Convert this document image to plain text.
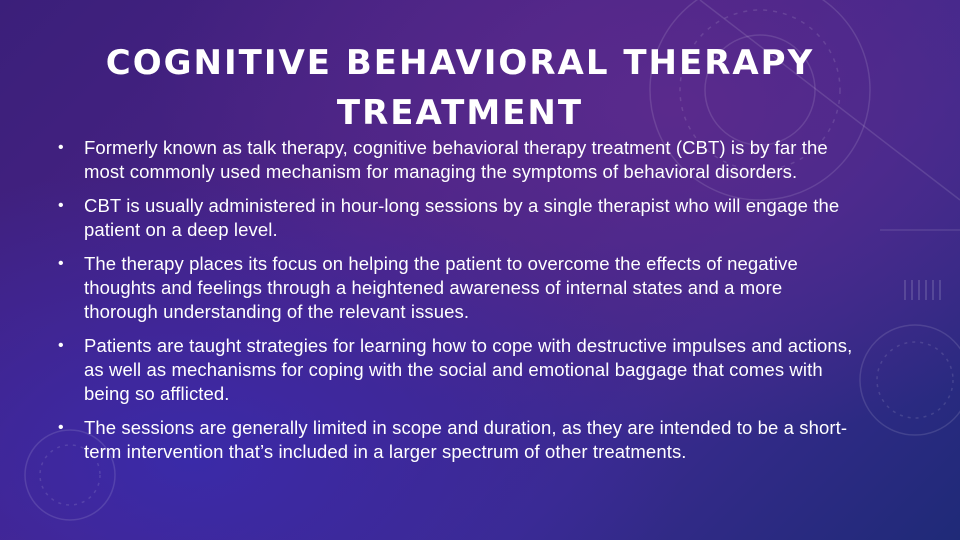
COGNITIVE BEHAVIORAL THERAPY
TREATMENT
• Formerly known as talk therapy, cognitive behavioral therapy treatment (CBT) is by far the most commonly used mechanism for managing the symptoms of behavioral disorders.
• CBT is usually administered in hour-long sessions by a single therapist who will engage the patient on a deep level.
• The therapy places its focus on helping the patient to overcome the effects of negative thoughts and feelings through a heightened awareness of internal states and a more thorough understanding of the relevant issues.
• Patients are taught strategies for learning how to cope with destructive impulses and actions, as well as mechanisms for coping with the social and emotional baggage that comes with being so afflicted.
• The sessions are generally limited in scope and duration, as they are intended to be a short-term intervention that’s included in a larger spectrum of other treatments.
